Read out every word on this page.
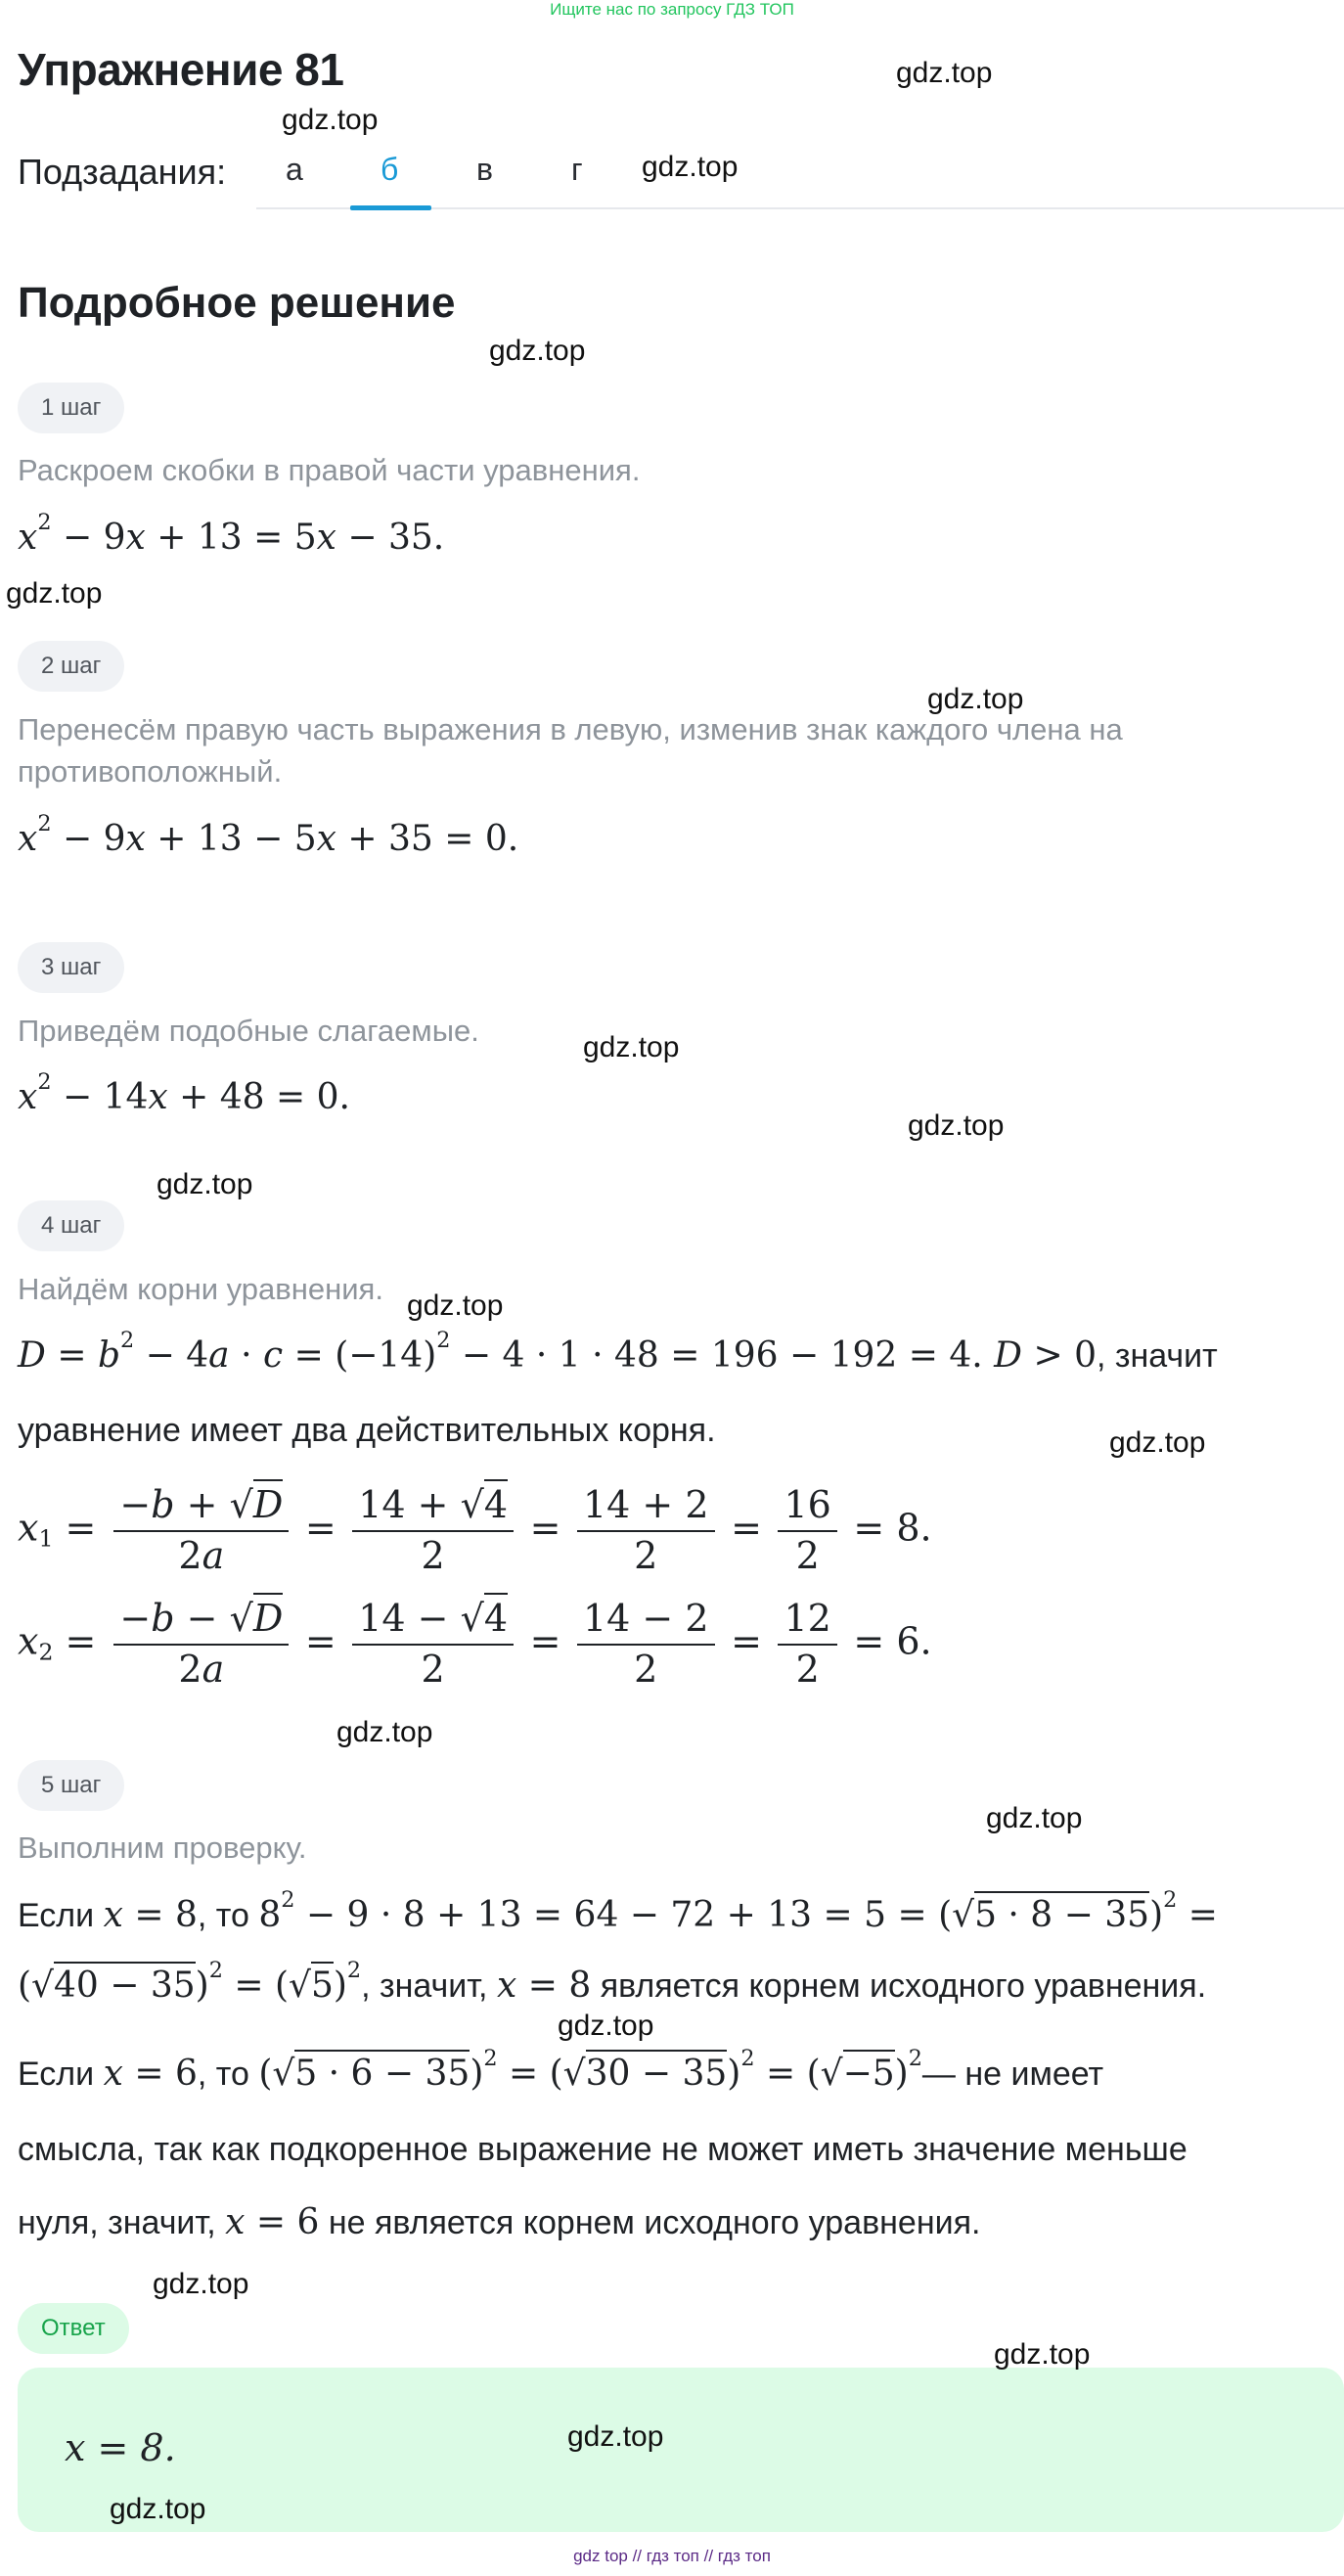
Ищите нас по запросу ГДЗ ТОП
Упражнение 81
Подзадания: а б в	г
Подробное решение
1 шаг
Раскроем скобки в правой части уравнения.
$x^2 - 9x + 13 = 5x - 35$.
2 шаг
Перенесём правую часть выражения в левую, изменив знак каждого члена на
противоположный.
$x^2 - 9x + 13 - 5x + 35 = 0$.
3 шаг
Приведём подобные слагаемые.
$x^2 - 14x + 48 = 0$.
4 шаг
Найдём корни уравнения.
$D = b^2 - 4a \cdot c = (-14)^2 - 4 \cdot 1 \cdot 48 = 196 - 192 = 4$. D > 0, значит
уравнение имеет два действительных корня.
$x_1 = \frac{-b + √D}{2a} = \frac{14 + √4}{2} = \frac{14 + 2}{2} = \frac{16}{2} = 8$.
$x_2 = \frac{-b - √D}{2a} = \frac{14 - √4}{2} = \frac{14 - 2}{2} = \frac{12}{2} = 6$.
5 шаг
Выполним проверку.
Если x = 8, то $8^2 - 9 \cdot 8 + 13 = 64 - 72 + 13 = 5 = (√5 \cdot 8 - 35)^2$ =
$(√40 - 35)^2 = (√5)^2$, значит, x = 8 является корнем исходного уравнения.
Если x = 6, то $(√5 \cdot 6 - 35)^2 = (√30 - 35)^2$ = $(√-5)^2—$ не имеет
смысла, так как подкоренное выражение не может иметь значение меньше
нуля, значит, x = 6 не является корнем исходного уравнения.
Ответ
x = 8.
gdz.top
gdz.top
gdz.top
gdz.top
gdz.top
gdz.top
gdz.top
gdz.top
gdz.top
gdz.top
gdz.top
gdz.top
gdz.top
gdz.top
gdz.top
gdz.top
gdz.top
gdz.top
gdz top // гдз топ // гдз топ
